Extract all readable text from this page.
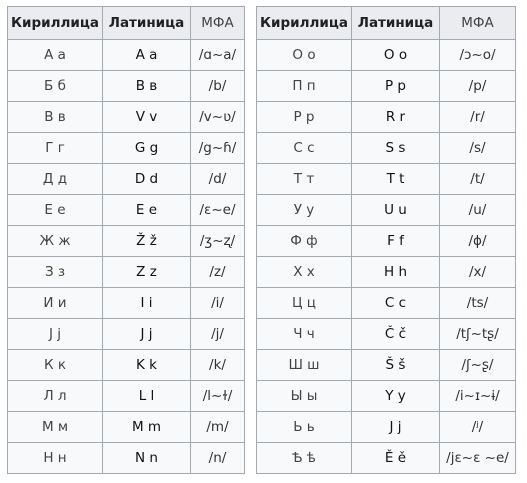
Кириллица	Латиница	МФА
А а	A a	/ɑ~a/
Б б	B в	/b/
В в	V v	/v~ʋ/
Г г	G g	/g~ɦ/
Д д	D d	/d/
Е е	E e	/ɛ~e/
Ж ж	Ž ž	/ʒ~ʐ/
З з	Z z	/z/
И и	I i	/i/
J j	J j	/j/
К к	K k	/k/
Л л	L l	/l~ɫ/
М м	M m	/m/
Н н	N n	/n/
Кириллица	Латиница	МФА
О о	O o	/ɔ~o/
П п	P p	/p/
Р р	R r	/r/
С с	S s	/s/
Т т	T t	/t/
У у	U u	/u/
Ф ф	F f	/ɸ/
Х х	H h	/x/
Ц ц	C c	/ts/
Ч ч	Č č	/tʃ~tʂ/
Ш ш	Š š	/ʃ~ʂ/
Ы ы	Y y	/i~ɪ~ɨ/
Ь ь	J j	/ʲ/
Ѣ ѣ	Ě ě	/jɛ~ɛ ~e/
